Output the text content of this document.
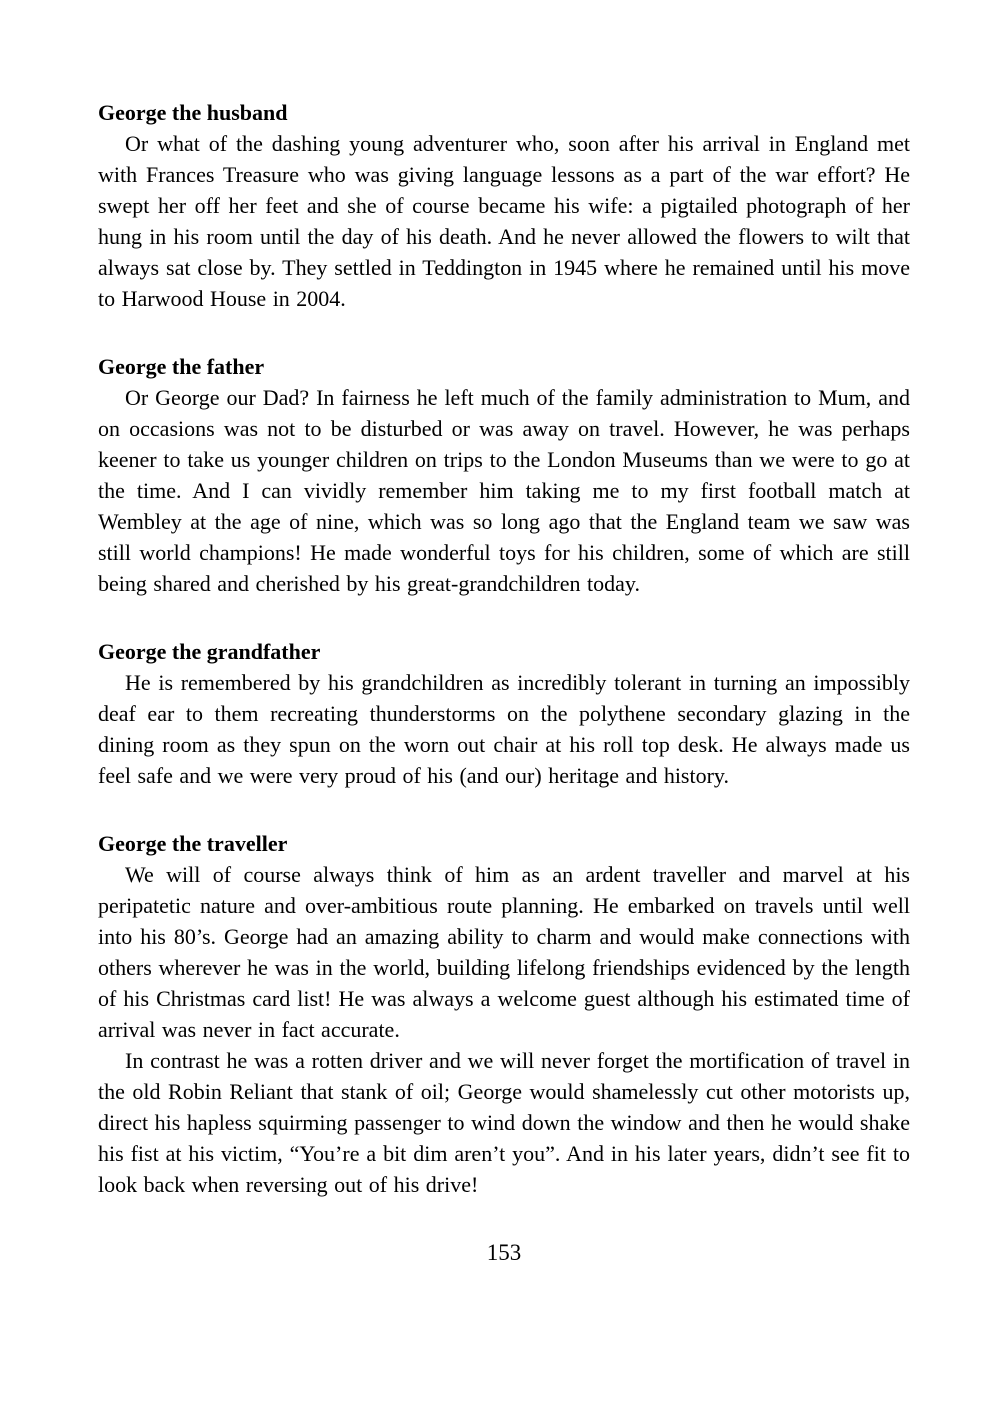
George the husband

Or what of the dashing young adventurer who, soon after his arrival in England met with Frances Treasure who was giving language lessons as a part of the war effort? He swept her off her feet and she of course became his wife: a pigtailed photograph of her hung in his room until the day of his death. And he never allowed the flowers to wilt that always sat close by. They settled in Teddington in 1945 where he remained until his move to Harwood House in 2004.

George the father

Or George our Dad? In fairness he left much of the family administration to Mum, and on occasions was not to be disturbed or was away on travel. However, he was perhaps keener to take us younger children on trips to the London Museums than we were to go at the time. And I can vividly remember him taking me to my first football match at Wembley at the age of nine, which was so long ago that the England team we saw was still world champions! He made wonderful toys for his children, some of which are still being shared and cherished by his great-grandchildren today.

George the grandfather

He is remembered by his grandchildren as incredibly tolerant in turning an impossibly deaf ear to them recreating thunderstorms on the polythene secondary glazing in the dining room as they spun on the worn out chair at his roll top desk. He always made us feel safe and we were very proud of his (and our) heritage and history.

George the traveller

We will of course always think of him as an ardent traveller and marvel at his peripatetic nature and over-ambitious route planning. He embarked on travels until well into his 80’s. George had an amazing ability to charm and would make connections with others wherever he was in the world, building lifelong friendships evidenced by the length of his Christmas card list! He was always a welcome guest although his estimated time of arrival was never in fact accurate.

In contrast he was a rotten driver and we will never forget the mortification of travel in the old Robin Reliant that stank of oil; George would shamelessly cut other motorists up, direct his hapless squirming passenger to wind down the window and then he would shake his fist at his victim, “You’re a bit dim aren’t you”. And in his later years, didn’t see fit to look back when reversing out of his drive!

153
